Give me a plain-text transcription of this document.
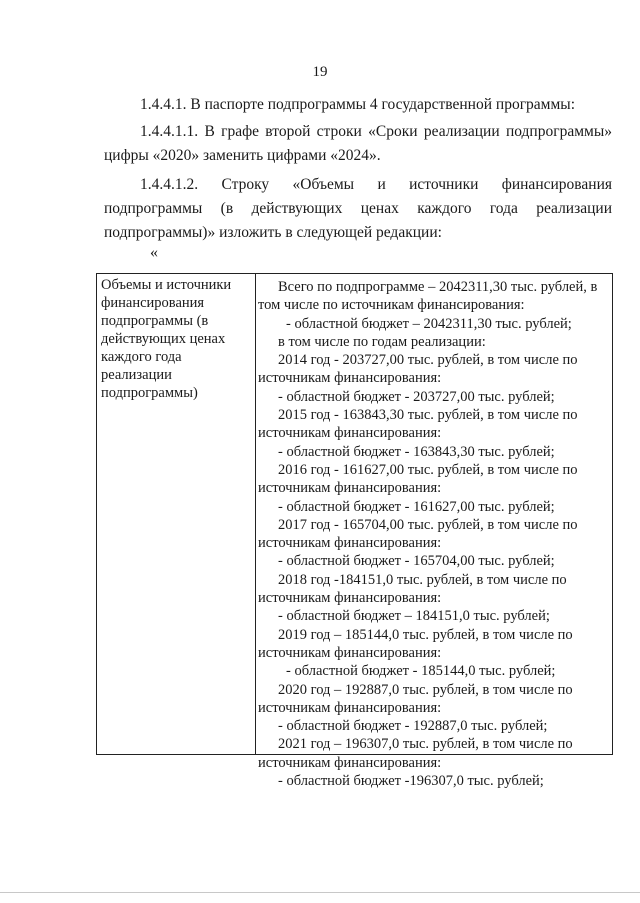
19

1.4.4.1. В паспорте подпрограммы 4 государственной программы:

1.4.4.1.1. В графе второй строки «Сроки реализации подпрограммы» цифры «2020» заменить цифрами «2024».

1.4.4.1.2. Строку «Объемы и источники финансирования подпрограммы (в действующих ценах каждого года реализации подпрограммы)» изложить в следующей редакции:

«
Объемы и источники
финансирования
подпрограммы (в
действующих ценах
каждого года
реализации
подпрограммы)
Всего по подпрограмме – 2042311,30 тыс. рублей, в
том числе по источникам финансирования:
- областной бюджет – 2042311,30 тыс. рублей;
в том числе по годам реализации:
2014 год - 203727,00 тыс. рублей, в том числе по
источникам финансирования:
- областной бюджет - 203727,00 тыс. рублей;
2015 год - 163843,30 тыс. рублей, в том числе по
источникам финансирования:
- областной бюджет - 163843,30 тыс. рублей;
2016 год - 161627,00 тыс. рублей, в том числе по
источникам финансирования:
- областной бюджет - 161627,00 тыс. рублей;
2017 год - 165704,00 тыс. рублей, в том числе по
источникам финансирования:
- областной бюджет - 165704,00 тыс. рублей;
2018 год -184151,0 тыс. рублей, в том числе по
источникам финансирования:
- областной бюджет – 184151,0 тыс. рублей;
2019 год – 185144,0 тыс. рублей, в том числе по
источникам финансирования:
- областной бюджет - 185144,0 тыс. рублей;
2020 год – 192887,0 тыс. рублей, в том числе по
источникам финансирования:
- областной бюджет - 192887,0 тыс. рублей;
2021 год – 196307,0 тыс. рублей, в том числе по
источникам финансирования:
- областной бюджет -196307,0 тыс. рублей;
